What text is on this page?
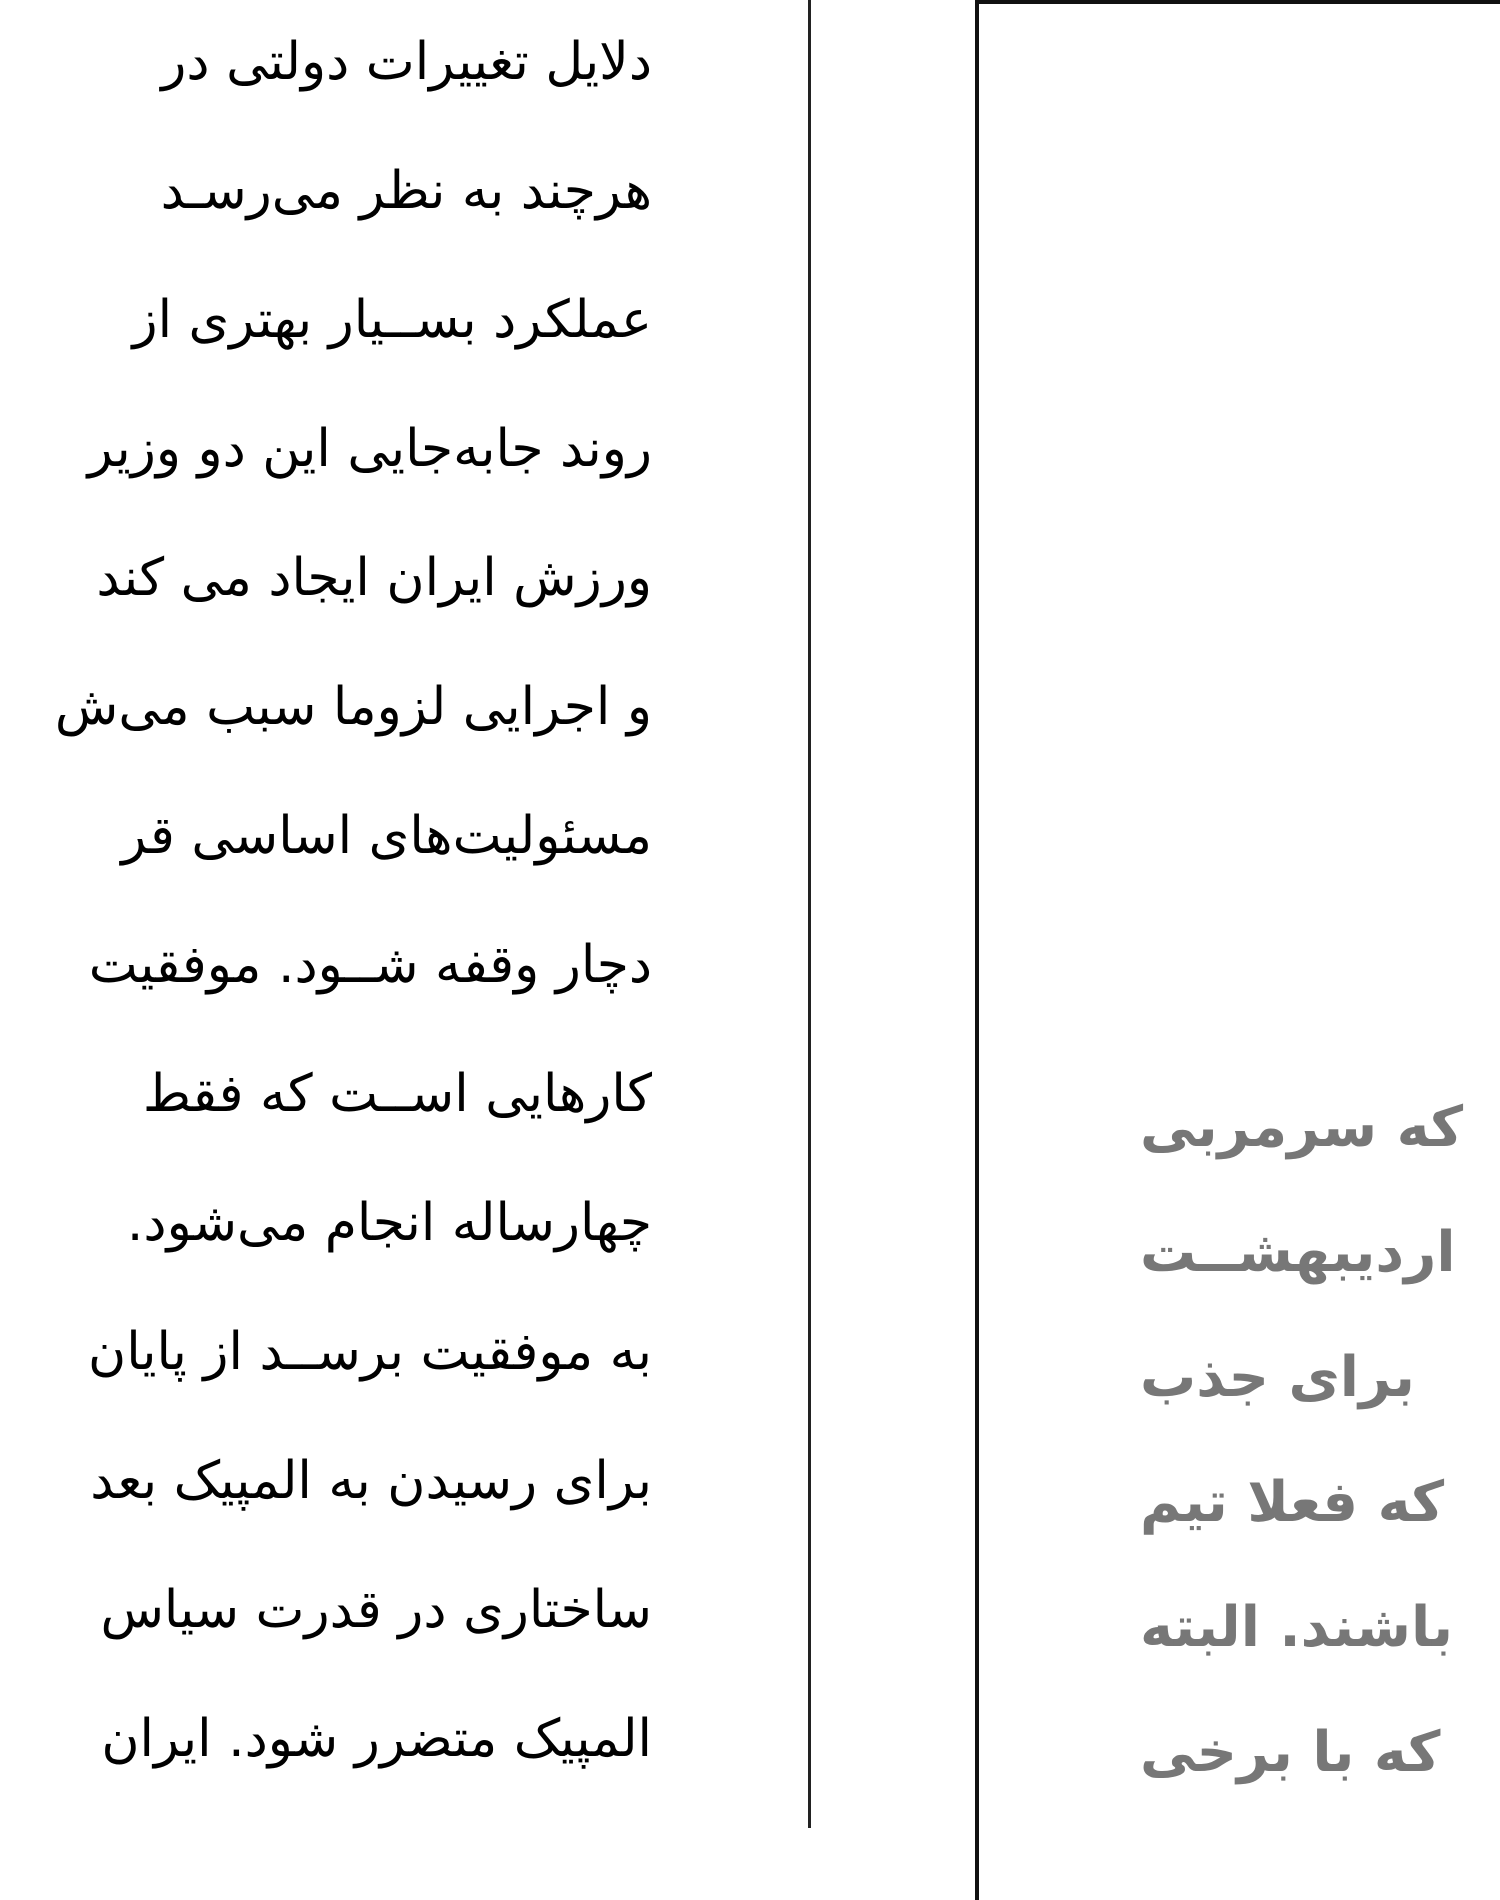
دلایل تغییرات دولتی در
هرچند به نظر می‌رسـد
عملکرد بســیار بهتری از
روند جابه‌جایی این دو وزیر
ورزش ایران ایجاد می کند
و اجرایی لزوما سبب می‌ش
مسئولیت‌های اساسی قر
دچار وقفه شــود. موفقیت
کارهایی اســت که فقط
چهارساله انجام می‌شود.
به موفقیت برســد از پایان
برای رسیدن به المپیک بعد
ساختاری در قدرت سیاس
المپیک متضرر شود. ایران
که سرمربی
اردیبهشــت
برای جذب
که فعلا تیم
باشند. البته
که با برخی
